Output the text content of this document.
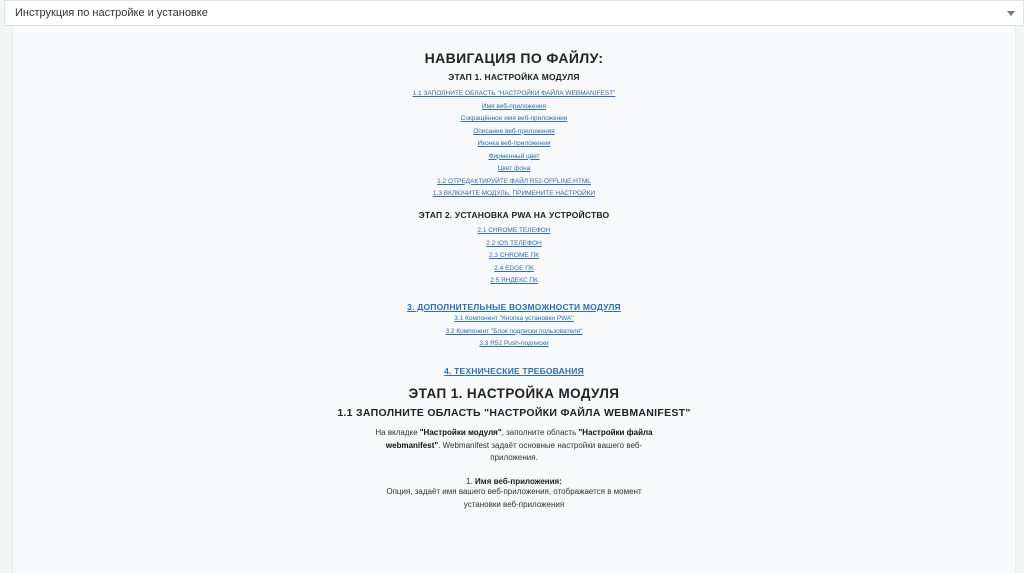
Инструкция по настройке и установке
НАВИГАЦИЯ ПО ФАЙЛУ:
ЭТАП 1. НАСТРОЙКА МОДУЛЯ
1.1 ЗАПОЛНИТЕ ОБЛАСТЬ "НАСТРОЙКИ ФАЙЛА WEBMANIFEST"
Имя веб-приложения
Сокращённое имя веб-приложения
Описание веб-приложения
Иконка веб-приложения
Фирменный цвет
Цвет фона
1.2 ОТРЕДАКТИРУЙТЕ ФАЙЛ R52-OFFLINE.HTML
1.3 ВКЛЮЧИТЕ МОДУЛЬ, ПРИМЕНИТЕ НАСТРОЙКИ
ЭТАП 2. УСТАНОВКА PWA НА УСТРОЙСТВО
2.1 CHROME ТЕЛЕФОН
2.2 IOS ТЕЛЕФОН
2.3 CHROME ПК
2.4 EDGE ПК
2.5 ЯНДЕКС ПК
3. ДОПОЛНИТЕЛЬНЫЕ ВОЗМОЖНОСТИ МОДУЛЯ
3.1 Компонент "Кнопка установки PWA"
3.2 Компонент "Блок подписки пользователя"
3.3 R52 Push-подписки
4. ТЕХНИЧЕСКИЕ ТРЕБОВАНИЯ
ЭТАП 1. НАСТРОЙКА МОДУЛЯ
1.1 ЗАПОЛНИТЕ ОБЛАСТЬ "НАСТРОЙКИ ФАЙЛА WEBMANIFEST"
На вкладке "Настройки модуля", заполните область "Настройки файла webmanifest". Webmanifest задаёт основные настройки вашего веб-приложения.
1. Имя веб-приложения:
Опция, задаёт имя вашего веб-приложения, отображается в момент установки веб-приложения
